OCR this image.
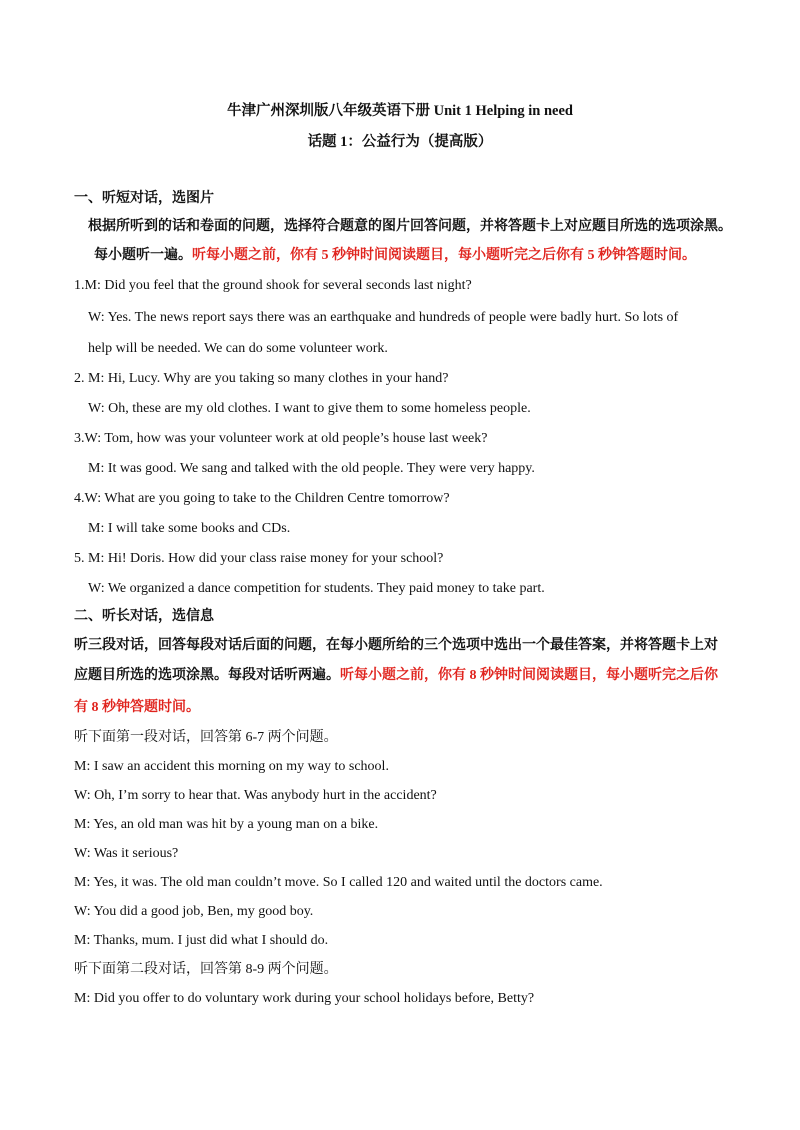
牛津广州深圳版八年级英语下册 Unit 1 Helping in need
话题 1：公益行为（提高版）
一、听短对话，选图片
根据所听到的话和卷面的问题，选择符合题意的图片回答问题，并将答题卡上对应题目所选的选项涂黑。
每小题听一遍。听每小题之前，你有 5 秒钟时间阅读题目，每小题听完之后你有 5 秒钟答题时间。
1.M: Did you feel that the ground shook for several seconds last night?
W: Yes. The news report says there was an earthquake and hundreds of people were badly hurt. So lots of
help will be needed. We can do some volunteer work.
2. M: Hi, Lucy. Why are you taking so many clothes in your hand?
W: Oh, these are my old clothes. I want to give them to some homeless people.
3.W: Tom, how was your volunteer work at old people’s house last week?
M: It was good. We sang and talked with the old people. They were very happy.
4.W: What are you going to take to the Children Centre tomorrow?
M: I will take some books and CDs.
5. M: Hi! Doris. How did your class raise money for your school?
W: We organized a dance competition for students. They paid money to take part.
二、听长对话，选信息
听三段对话，回答每段对话后面的问题，在每小题所给的三个选项中选出一个最佳答案，并将答题卡上对
应题目所选的选项涂黑。每段对话听两遍。听每小题之前，你有 8 秒钟时间阅读题目，每小题听完之后你
有 8 秒钟答题时间。
听下面第一段对话，回答第 6-7 两个问题。
M: I saw an accident this morning on my way to school.
W: Oh, I’m sorry to hear that. Was anybody hurt in the accident?
M: Yes, an old man was hit by a young man on a bike.
W: Was it serious?
M: Yes, it was. The old man couldn’t move. So I called 120 and waited until the doctors came.
W: You did a good job, Ben, my good boy.
M: Thanks, mum. I just did what I should do.
听下面第二段对话，回答第 8-9 两个问题。
M: Did you offer to do voluntary work during your school holidays before, Betty?
